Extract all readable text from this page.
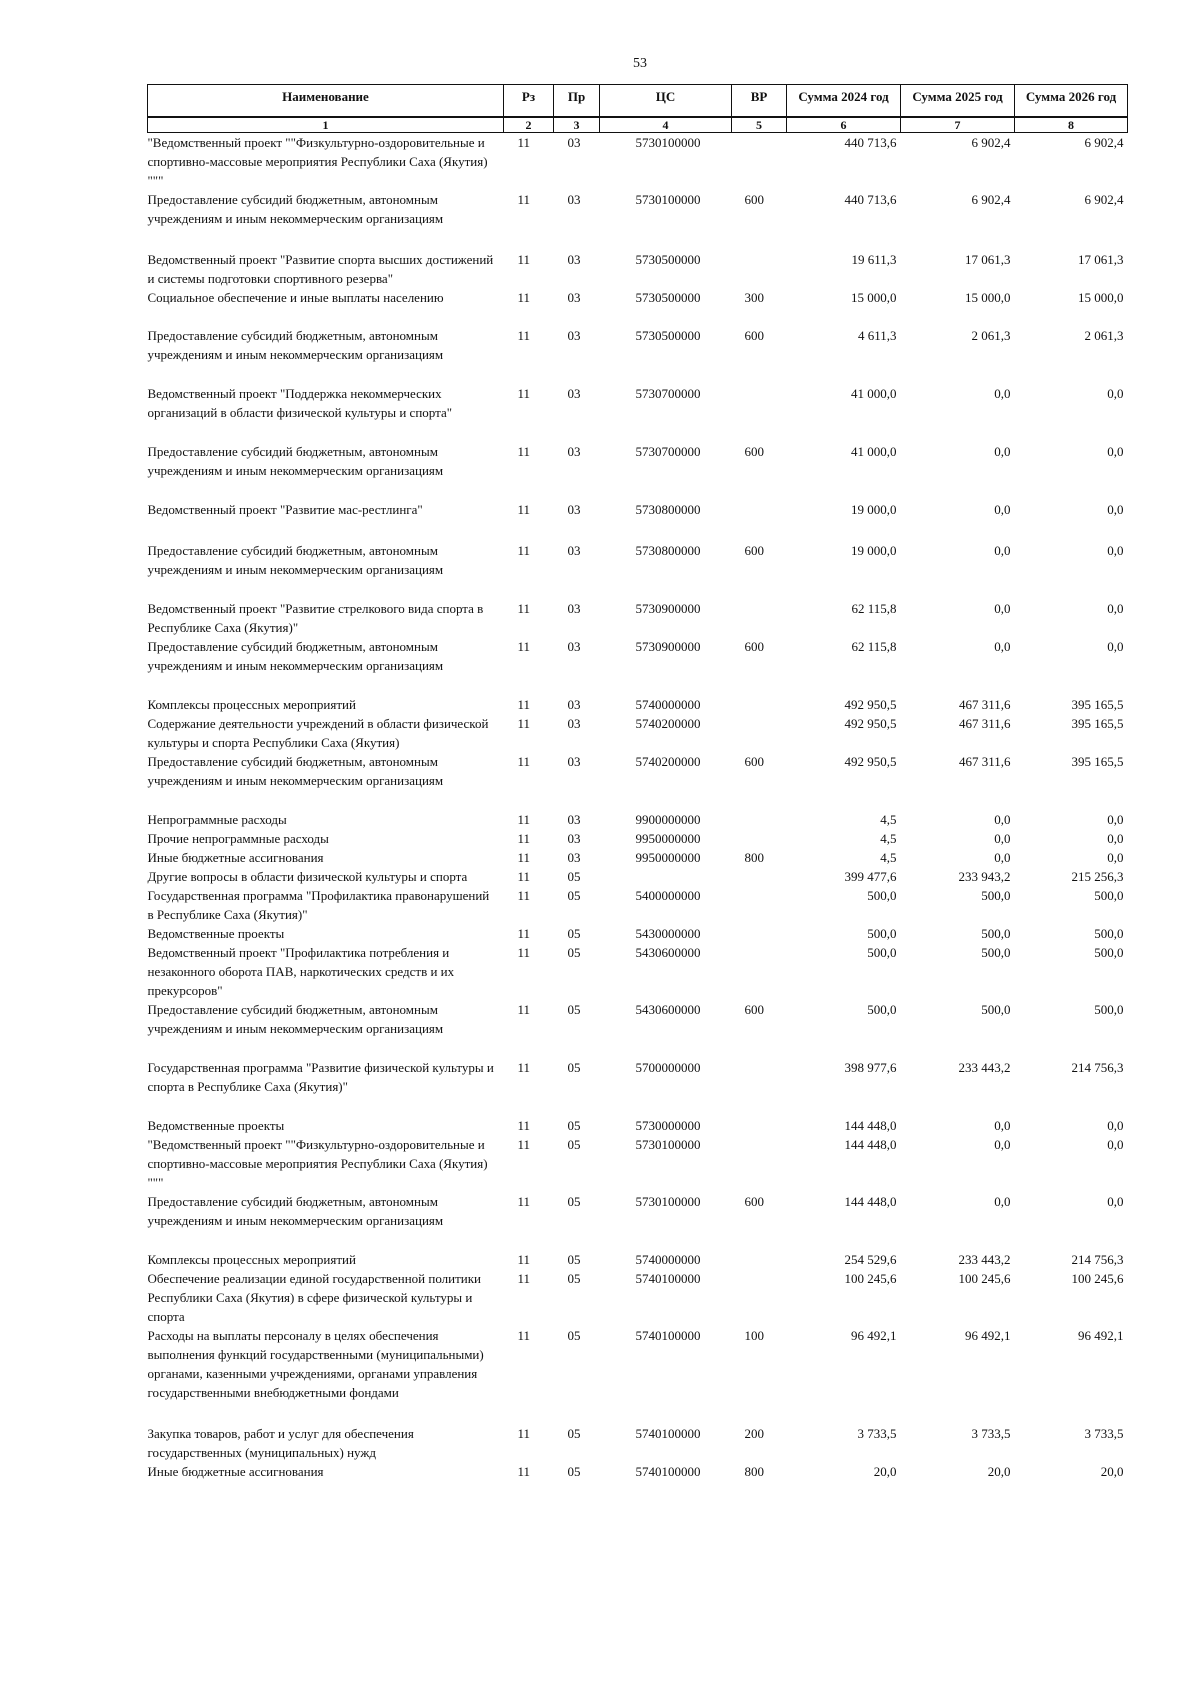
53
Наименование	Рз	Пр	ЦС	ВР	Сумма 2024 год	Сумма 2025 год	Сумма 2026 год
1	2	3	4	5	6	7	8
"Ведомственный проект ""Физкультурно-оздоровительные и спортивно-массовые мероприятия Республики Саха (Якутия) """	11	03	5730100000		440 713,6	6 902,4	6 902,4
Предоставление субсидий бюджетным, автономным учреждениям и иным некоммерческим организациям	11	03	5730100000	600	440 713,6	6 902,4	6 902,4
Ведомственный проект "Развитие спорта высших достижений и системы подготовки спортивного резерва"	11	03	5730500000		19 611,3	17 061,3	17 061,3
Социальное обеспечение и иные выплаты населению	11	03	5730500000	300	15 000,0	15 000,0	15 000,0
Предоставление субсидий бюджетным, автономным учреждениям и иным некоммерческим организациям	11	03	5730500000	600	4 611,3	2 061,3	2 061,3
Ведомственный проект "Поддержка некоммерческих организаций в области физической культуры и спорта"	11	03	5730700000		41 000,0	0,0	0,0
Предоставление субсидий бюджетным, автономным учреждениям и иным некоммерческим организациям	11	03	5730700000	600	41 000,0	0,0	0,0
Ведомственный проект "Развитие мас-рестлинга"	11	03	5730800000		19 000,0	0,0	0,0
Предоставление субсидий бюджетным, автономным учреждениям и иным некоммерческим организациям	11	03	5730800000	600	19 000,0	0,0	0,0
Ведомственный проект "Развитие стрелкового вида спорта в Республике Саха (Якутия)"	11	03	5730900000		62 115,8	0,0	0,0
Предоставление субсидий бюджетным, автономным учреждениям и иным некоммерческим организациям	11	03	5730900000	600	62 115,8	0,0	0,0
Комплексы процессных мероприятий	11	03	5740000000		492 950,5	467 311,6	395 165,5
Содержание деятельности учреждений в области физической культуры и спорта Республики Саха (Якутия)	11	03	5740200000		492 950,5	467 311,6	395 165,5
Предоставление субсидий бюджетным, автономным учреждениям и иным некоммерческим организациям	11	03	5740200000	600	492 950,5	467 311,6	395 165,5
Непрограммные расходы	11	03	9900000000		4,5	0,0	0,0
Прочие непрограммные расходы	11	03	9950000000		4,5	0,0	0,0
Иные бюджетные ассигнования	11	03	9950000000	800	4,5	0,0	0,0
Другие вопросы в области физической культуры и спорта	11	05			399 477,6	233 943,2	215 256,3
Государственная программа "Профилактика правонарушений в Республике Саха (Якутия)"	11	05	5400000000		500,0	500,0	500,0
Ведомственные проекты	11	05	5430000000		500,0	500,0	500,0
Ведомственный проект "Профилактика потребления и незаконного оборота ПАВ, наркотических средств и их прекурсоров"	11	05	5430600000		500,0	500,0	500,0
Предоставление субсидий бюджетным, автономным учреждениям и иным некоммерческим организациям	11	05	5430600000	600	500,0	500,0	500,0
Государственная программа "Развитие физической культуры и спорта в Республике Саха (Якутия)"	11	05	5700000000		398 977,6	233 443,2	214 756,3
Ведомственные проекты	11	05	5730000000		144 448,0	0,0	0,0
"Ведомственный проект ""Физкультурно-оздоровительные и спортивно-массовые мероприятия Республики Саха (Якутия) """	11	05	5730100000		144 448,0	0,0	0,0
Предоставление субсидий бюджетным, автономным учреждениям и иным некоммерческим организациям	11	05	5730100000	600	144 448,0	0,0	0,0
Комплексы процессных мероприятий	11	05	5740000000		254 529,6	233 443,2	214 756,3
Обеспечение реализации единой государственной политики Республики Саха (Якутия) в сфере физической культуры и спорта	11	05	5740100000		100 245,6	100 245,6	100 245,6
Расходы на выплаты персоналу в целях обеспечения выполнения функций государственными (муниципальными) органами, казенными учреждениями, органами управления государственными внебюджетными фондами	11	05	5740100000	100	96 492,1	96 492,1	96 492,1
Закупка товаров, работ и услуг для обеспечения государственных (муниципальных) нужд	11	05	5740100000	200	3 733,5	3 733,5	3 733,5
Иные бюджетные ассигнования	11	05	5740100000	800	20,0	20,0	20,0
